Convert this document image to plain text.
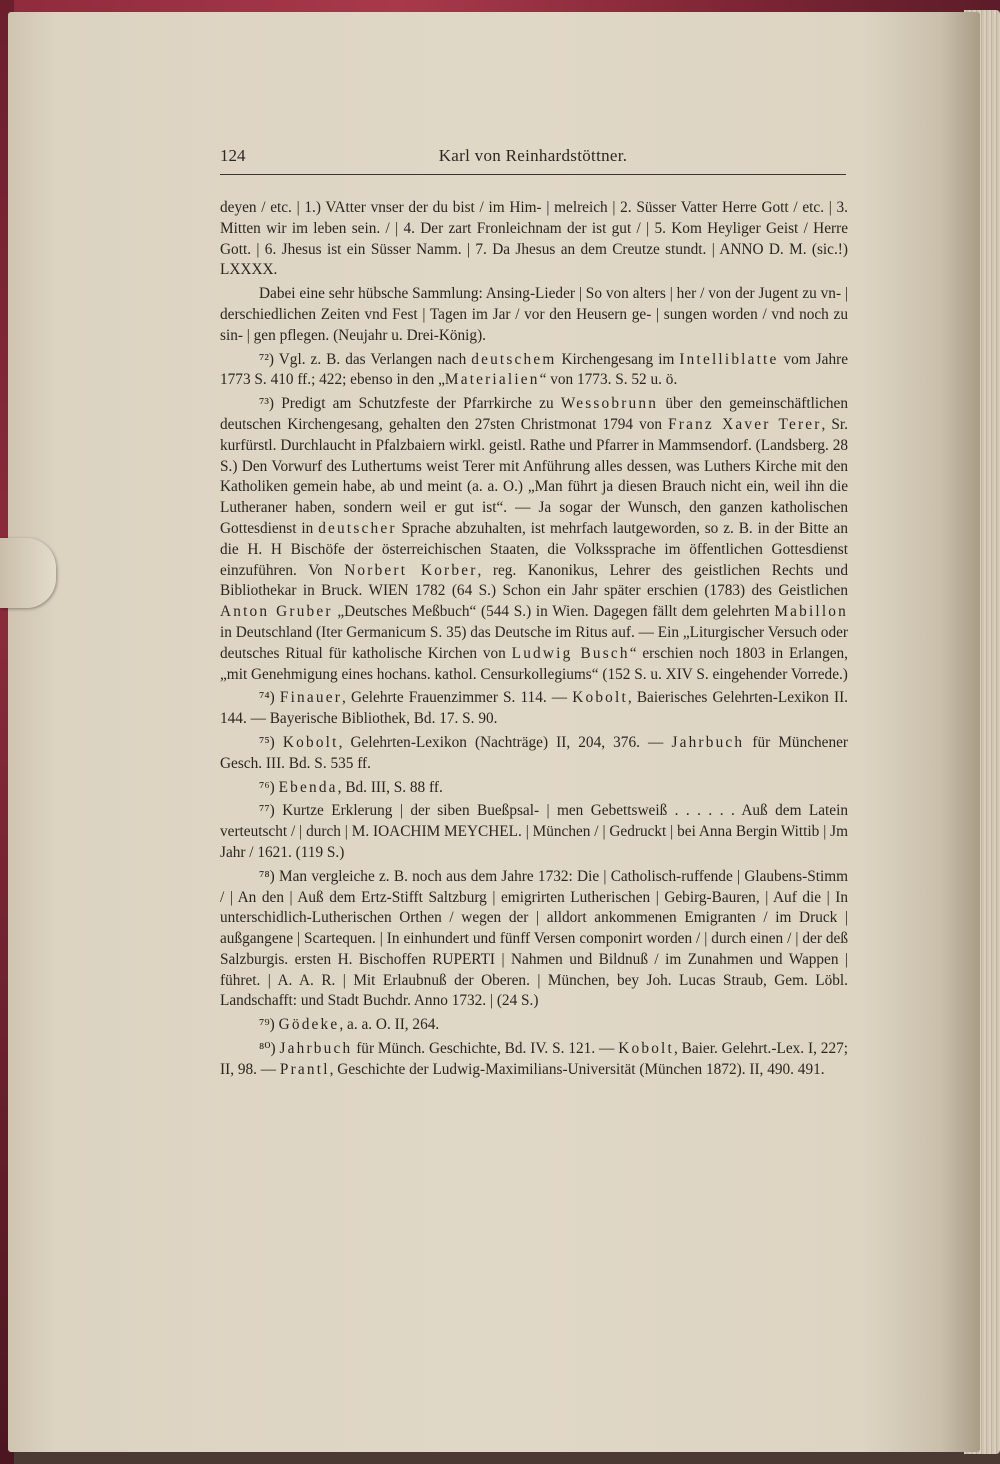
124	Karl von Reinhardstöttner.

deyen / etc. | 1.) VAtter vnser der du bist / im Him- | melreich | 2. Süsser Vatter Herre Gott / etc. | 3. Mitten wir im leben sein. / | 4. Der zart Fronleichnam der ist gut / | 5. Kom Heyliger Geist / Herre Gott. | 6. Jhesus ist ein Süsser Namm. | 7. Da Jhesus an dem Creutze stundt. | ANNO D. M. (sic.!) LXXXX.

Dabei eine sehr hübsche Sammlung: Ansing-Lieder | So von alters | her / von der Jugent zu vn- | derschiedlichen Zeiten vnd Fest | Tagen im Jar / vor den Heusern ge- | sungen worden / vnd noch zu sin- | gen pflegen. (Neujahr u. Drei-König).

⁷²) Vgl. z. B. das Verlangen nach deutschem Kirchengesang im Intelliblatte vom Jahre 1773 S. 410 ff.; 422; ebenso in den „Materialien“ von 1773. S. 52 u. ö.

⁷³) Predigt am Schutzfeste der Pfarrkirche zu Wessobrunn über den gemeinschäftlichen deutschen Kirchengesang, gehalten den 27sten Christmonat 1794 von Franz Xaver Terer, Sr. kurfürstl. Durchlaucht in Pfalzbaiern wirkl. geistl. Rathe und Pfarrer in Mammsendorf. (Landsberg. 28 S.) Den Vorwurf des Luthertums weist Terer mit Anführung alles dessen, was Luthers Kirche mit den Katholiken gemein habe, ab und meint (a. a. O.) „Man führt ja diesen Brauch nicht ein, weil ihn die Lutheraner haben, sondern weil er gut ist“. — Ja sogar der Wunsch, den ganzen katholischen Gottesdienst in deutscher Sprache abzuhalten, ist mehrfach lautgeworden, so z. B. in der Bitte an die H. H Bischöfe der österreichischen Staaten, die Volkssprache im öffentlichen Gottesdienst einzuführen. Von Norbert Korber, reg. Kanonikus, Lehrer des geistlichen Rechts und Bibliothekar in Bruck. WIEN 1782 (64 S.) Schon ein Jahr später erschien (1783) des Geistlichen Anton Gruber „Deutsches Meßbuch“ (544 S.) in Wien. Dagegen fällt dem gelehrten Mabillon in Deutschland (Iter Germanicum S. 35) das Deutsche im Ritus auf. — Ein „Liturgischer Versuch oder deutsches Ritual für katholische Kirchen von Ludwig Busch“ erschien noch 1803 in Erlangen, „mit Genehmigung eines hochans. kathol. Censurkollegiums“ (152 S. u. XIV S. eingehender Vorrede.)

⁷⁴) Finauer, Gelehrte Frauenzimmer S. 114. — Kobolt, Baierisches Gelehrten-Lexikon II. 144. — Bayerische Bibliothek, Bd. 17. S. 90.

⁷⁵) Kobolt, Gelehrten-Lexikon (Nachträge) II, 204, 376. — Jahrbuch für Münchener Gesch. III. Bd. S. 535 ff.

⁷⁶) Ebenda, Bd. III, S. 88 ff.

⁷⁷) Kurtze Erklerung | der siben Bueßpsal- | men Gebettsweiß . . . . . . Auß dem Latein verteutscht / | durch | M. IOACHIM MEYCHEL. | München / | Gedruckt | bei Anna Bergin Wittib | Jm Jahr / 1621. (119 S.)

⁷⁸) Man vergleiche z. B. noch aus dem Jahre 1732: Die | Catholisch-ruffende | Glaubens-Stimm / | An den | Auß dem Ertz-Stifft Saltzburg | emigrirten Lutherischen | Gebirg-Bauren, | Auf die | In unterschidlich-Lutherischen Orthen / wegen der | alldort ankommenen Emigranten / im Druck | außgangene | Scartequen. | In einhundert und fünff Versen componirt worden / | durch einen / | der deß Salzburgis. ersten H. Bischoffen RUPERTI | Nahmen und Bildnuß / im Zunahmen und Wappen | führet. | A. A. R. | Mit Erlaubnuß der Oberen. | München, bey Joh. Lucas Straub, Gem. Löbl. Landschafft: und Stadt Buchdr. Anno 1732. | (24 S.)

⁷⁹) Gödeke, a. a. O. II, 264.

⁸⁰) Jahrbuch für Münch. Geschichte, Bd. IV. S. 121. — Kobolt, Baier. Gelehrt.-Lex. I, 227; II, 98. — Prantl, Geschichte der Ludwig-Maximilians-Universität (München 1872). II, 490. 491.
